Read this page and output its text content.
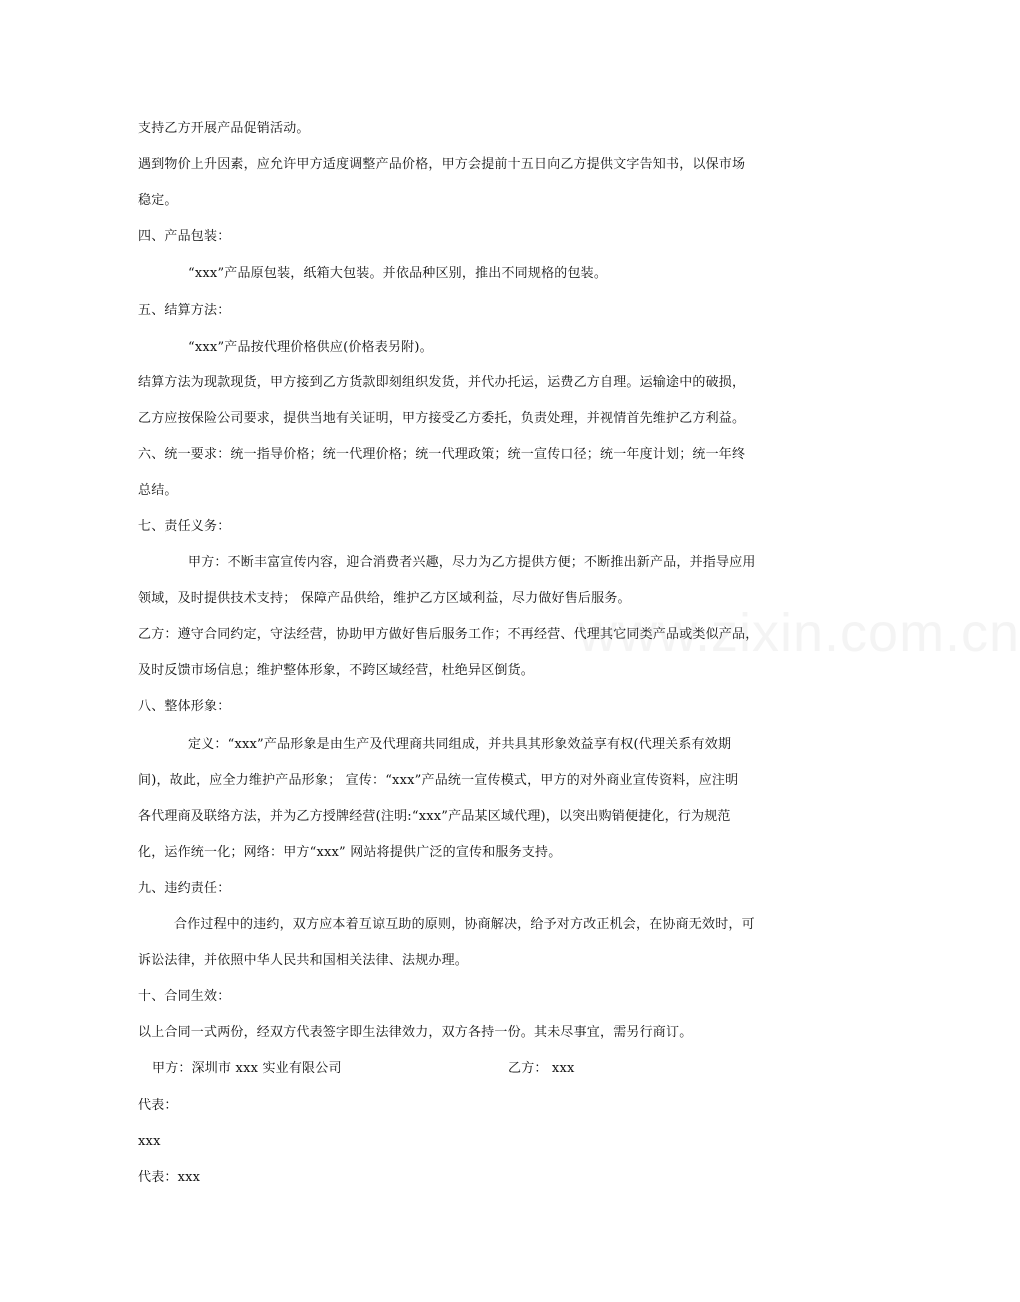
www.zixin.com.cn
支持乙方开展产品促销活动。
遇到物价上升因素，应允许甲方适度调整产品价格，甲方会提前十五日向乙方提供文字告知书，以保市场
稳定。
四、产品包装：
“xxx”产品原包装，纸箱大包装。并依品种区别，推出不同规格的包装。
五、结算方法：
“xxx”产品按代理价格供应(价格表另附)。
结算方法为现款现货，甲方接到乙方货款即刻组织发货，并代办托运，运费乙方自理。运输途中的破损，
乙方应按保险公司要求，提供当地有关证明，甲方接受乙方委托，负责处理，并视情首先维护乙方利益。
六、统一要求：统一指导价格；统一代理价格；统一代理政策；统一宣传口径；统一年度计划；统一年终
总结。
七、责任义务：
甲方：不断丰富宣传内容，迎合消费者兴趣，尽力为乙方提供方便；不断推出新产品，并指导应用
领域，及时提供技术支持； 保障产品供给，维护乙方区域利益，尽力做好售后服务。
乙方：遵守合同约定，守法经营，协助甲方做好售后服务工作；不再经营、代理其它同类产品或类似产品，
及时反馈市场信息；维护整体形象，不跨区域经营，杜绝异区倒货。
八、整体形象：
定义：“xxx”产品形象是由生产及代理商共同组成，并共具其形象效益享有权(代理关系有效期
间)，故此，应全力维护产品形象； 宣传：“xxx”产品统一宣传模式，甲方的对外商业宣传资料，应注明
各代理商及联络方法，并为乙方授牌经营(注明:“xxx”产品某区域代理)，以突出购销便捷化，行为规范
化，运作统一化；网络：甲方“xxx” 网站将提供广泛的宣传和服务支持。
九、违约责任：
合作过程中的违约，双方应本着互谅互助的原则，协商解决，给予对方改正机会，在协商无效时，可
诉讼法律，并依照中华人民共和国相关法律、法规办理。
十、合同生效：
以上合同一式两份，经双方代表签字即生法律效力，双方各持一份。其未尽事宜，需另行商订。
甲方：深圳市 xxx 实业有限公司	乙方： xxx
代表：
xxx
代表：xxx
